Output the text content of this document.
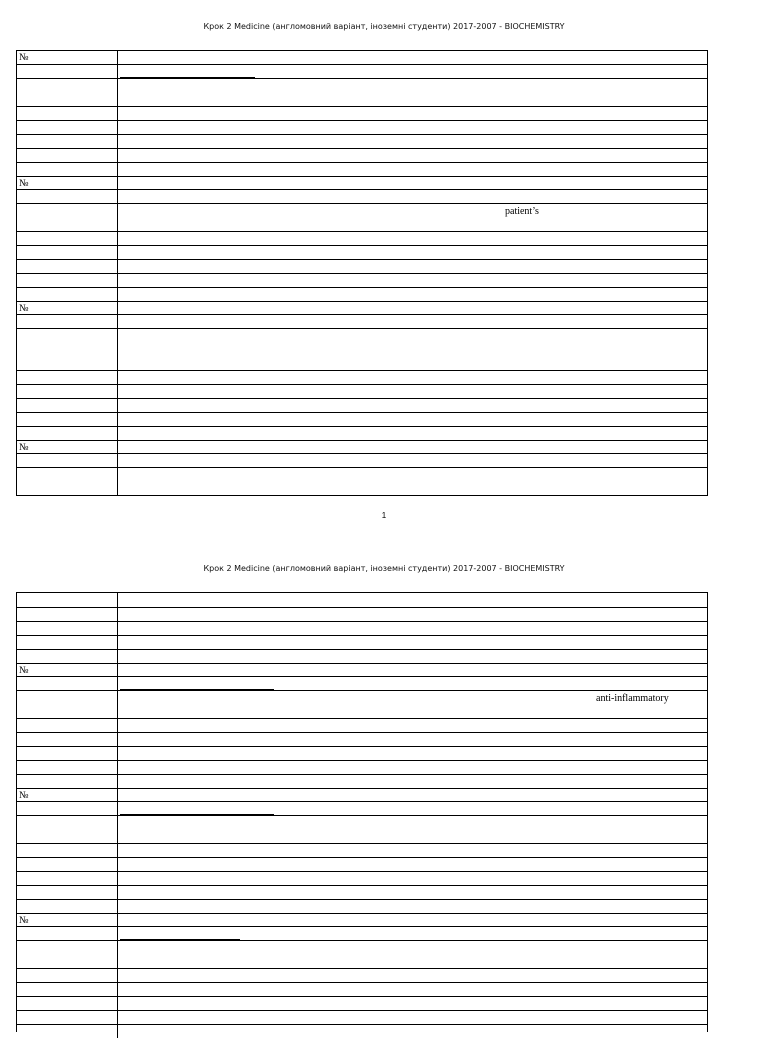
Крок 2 Medicine (англомовний варіант, іноземні студенти) 2017-2007 - BIOCHEMISTRY
№
№
patient’s
№
№
1
Крок 2 Medicine (англомовний варіант, іноземні студенти) 2017-2007 - BIOCHEMISTRY
№
anti-inflammatory
№
№
